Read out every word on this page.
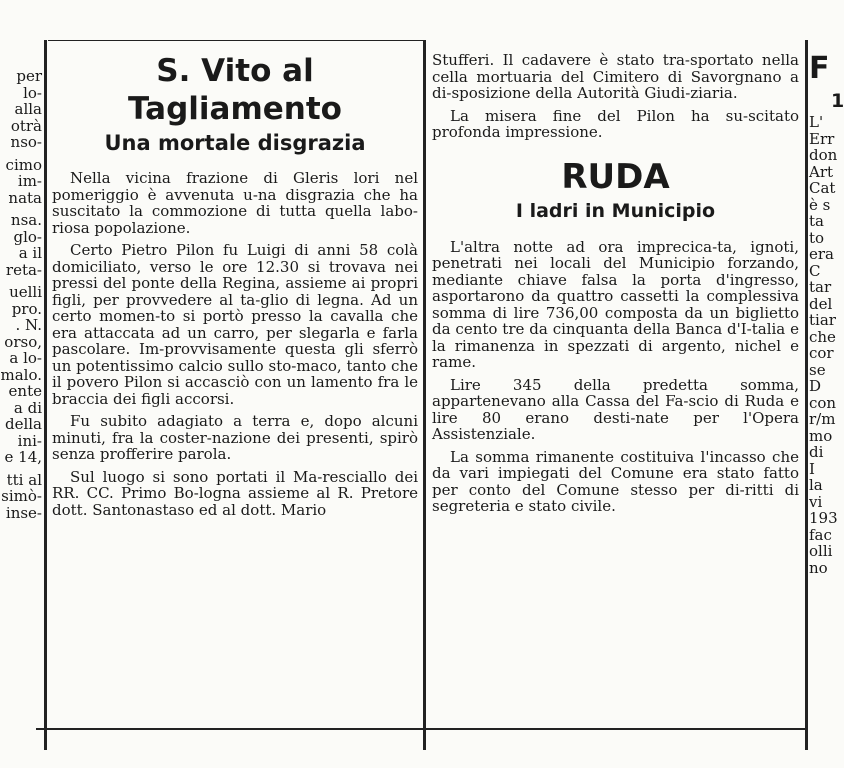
per
lo-
alla
otrà
nso-

cimo
im-
nata

nsa.
glo-
a il
reta-

uelli
pro.
. N.
orso,
a lo-
malo.
ente
a di
della
ini-
e 14,

tti al
simò-
inse-
S. Vito al Tagliamento
Una mortale disgrazia

Nella vicina frazione di Gleris lori nel pomeriggio è avvenuta u-na disgrazia che ha suscitato la commozione di tutta quella labo-riosa popolazione.

Certo Pietro Pilon fu Luigi di anni 58 colà domiciliato, verso le ore 12.30 si trovava nei pressi del ponte della Regina, assieme ai propri figli, per provvedere al ta-glio di legna. Ad un certo momen-to si portò presso la cavalla che era attaccata ad un carro, per slegarla e farla pascolare. Im-provvisamente questa gli sferrò un potentissimo calcio sullo sto-maco, tanto che il povero Pilon si accasciò con un lamento fra le braccia dei figli accorsi.

Fu subito adagiato a terra e, dopo alcuni minuti, fra la coster-nazione dei presenti, spirò senza profferire parola.

Sul luogo si sono portati il Ma-resciallo dei RR. CC. Primo Bo-logna assieme al R. Pretore dott. Santonastaso ed al dott. Mario

Stufferi. Il cadavere è stato tra-sportato nella cella mortuaria del Cimitero di Savorgnano a di-sposizione della Autorità Giudi-ziaria.

La misera fine del Pilon ha su-scitato profonda impressione.

RUDA
I ladri in Municipio

L'altra notte ad ora impreciса-ta, ignoti, penetrati nei locali del Municipio forzando, mediante chiave falsa la porta d'ingresso, asportarono da quattro cassetti la complessiva somma di lire 736,00 composta da un biglietto da cento tre da cinquanta della Banca d'I-talia e la rimanenza in spezzati di argento, nichel e rame.

Lire 345 della predetta somma, appartenevano alla Cassa del Fa-scio di Ruda e lire 80 erano desti-nate per l'Opera Assistenziale.

La somma rimanente costituiva l'incasso che da vari impiegati del Comune era stato fatto per conto del Comune stesso per di-ritti di segreteria e stato civile.

F
1
L'
Err
don
Art
Cat
è s
ta
to
era
C
tar
del
tiar
che
cor
se
D
con
r/m
mo
di
I
la
vi
193
fac
olli
no
